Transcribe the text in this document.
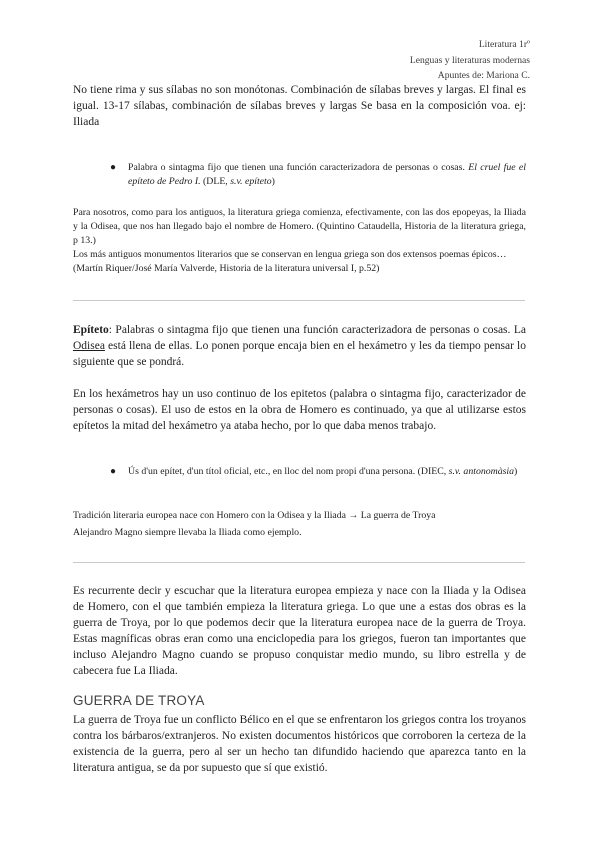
Literatura 1rº
Lenguas y literaturas modernas
Apuntes de: Mariona C.
No tiene rima y sus sílabas no son monótonas. Combinación de sílabas breves y largas. El final es igual. 13-17 sílabas, combinación de sílabas breves y largas Se basa en la composición voa. ej: Iliada
● Palabra o sintagma fijo que tienen una función caracterizadora de personas o cosas. El cruel fue el epíteto de Pedro I. (DLE, s.v. epíteto)
Para nosotros, como para los antiguos, la literatura griega comienza, efectivamente, con las dos epopeyas, la Iliada y la Odisea, que nos han llegado bajo el nombre de Homero. (Quintino Cataudella, Historia de la literatura griega, p 13.)
Los más antiguos monumentos literarios que se conservan en lengua griega son dos extensos poemas épicos… (Martín Riquer/José María Valverde, Historia de la literatura universal I, p.52)
Epíteto: Palabras o sintagma fijo que tienen una función caracterizadora de personas o cosas. La Odisea está llena de ellas. Lo ponen porque encaja bien en el hexámetro y les da tiempo pensar lo siguiente que se pondrá.
En los hexámetros hay un uso continuo de los epitetos (palabra o sintagma fijo, caracterizador de personas o cosas). El uso de estos en la obra de Homero es continuado, ya que al utilizarse estos epítetos la mitad del hexámetro ya ataba hecho, por lo que daba menos trabajo.
● Ús d'un epítet, d'un títol oficial, etc., en lloc del nom propi d'una persona. (DIEC, s.v. antonomàsia)
Tradición literaria europea nace con Homero con la Odisea y la Iliada → La guerra de Troya
Alejandro Magno siempre llevaba la Iliada como ejemplo.
Es recurrente decir y escuchar que la literatura europea empieza y nace con la Iliada y la Odisea de Homero, con el que también empieza la literatura griega. Lo que une a estas dos obras es la guerra de Troya, por lo que podemos decir que la literatura europea nace de la guerra de Troya. Estas magníficas obras eran como una enciclopedia para los griegos, fueron tan importantes que incluso Alejandro Magno cuando se propuso conquistar medio mundo, su libro estrella y de cabecera fue La Iliada.
GUERRA DE TROYA
La guerra de Troya fue un conflicto Bélico en el que se enfrentaron los griegos contra los troyanos contra los bárbaros/extranjeros. No existen documentos históricos que corroboren la certeza de la existencia de la guerra, pero al ser un hecho tan difundido haciendo que aparezca tanto en la literatura antigua, se da por supuesto que sí que existió.
